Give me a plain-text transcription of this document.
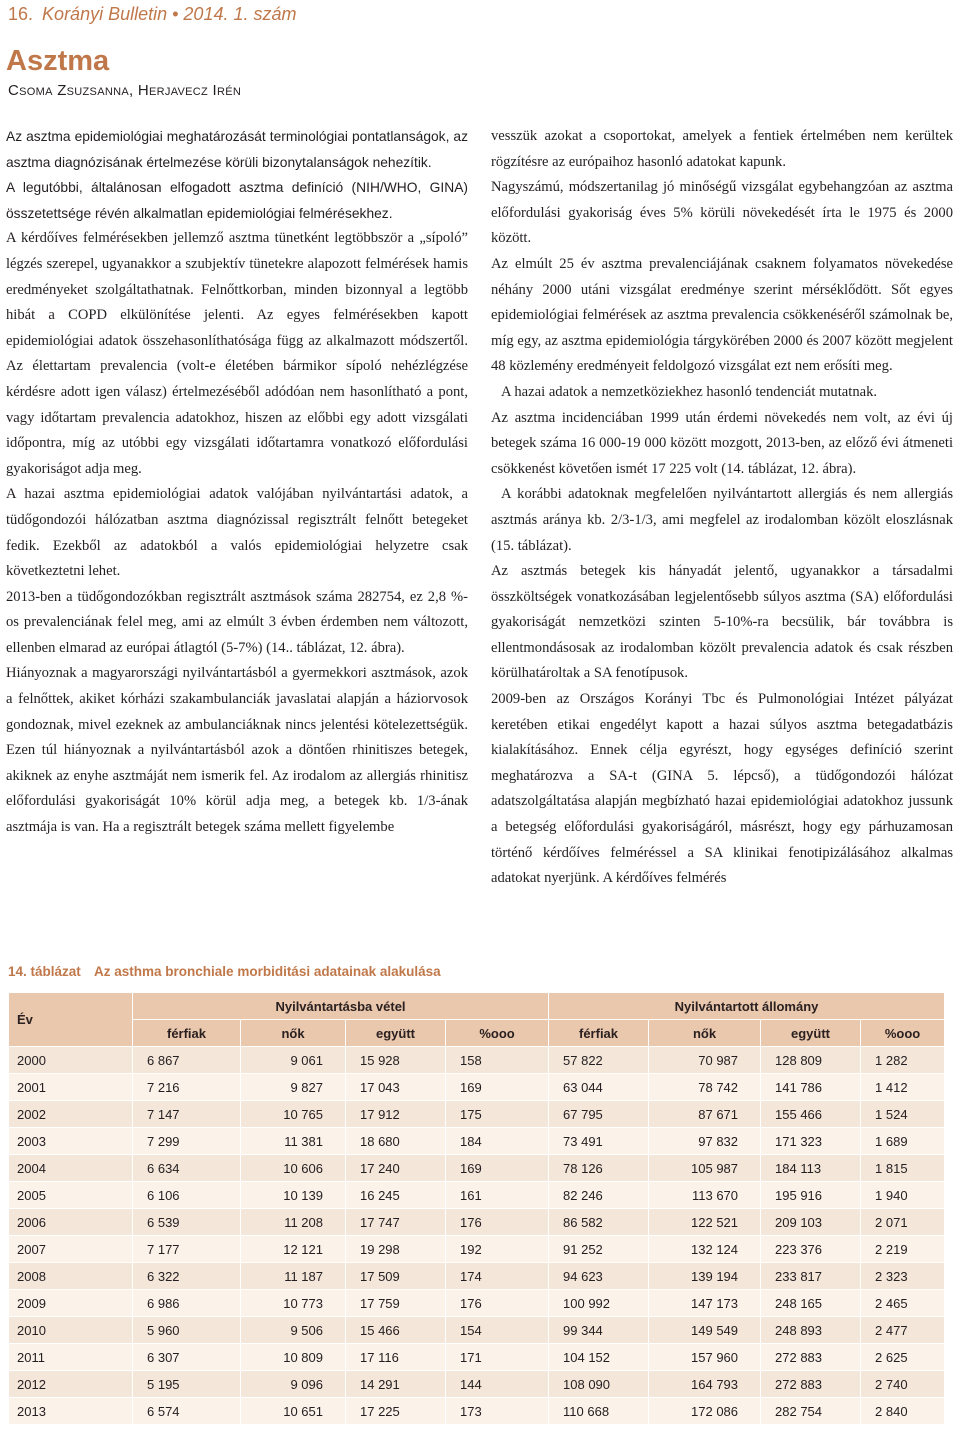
16. Korányi Bulletin • 2014. 1. szám
Asztma
Csoma Zsuzsanna, Herjavecz Irén

Az asztma epidemiológiai meghatározását terminológiai pontatlanságok, az asztma diagnózisának értelmezése körüli bizonytalanságok nehezítik.

A legutóbbi, általánosan elfogadott asztma definíció (NIH/WHO, GINA) összetettsége révén alkalmatlan epidemiológiai felmérésekhez.

A kérdőíves felmérésekben jellemző asztma tünetként legtöbbször a „sípoló” légzés szerepel, ugyanakkor a szubjektív tünetekre alapozott felmérések hamis eredményeket szolgáltathatnak. Felnőttkorban, minden bizonnyal a legtöbb hibát a COPD elkülönítése jelenti. Az egyes felmérésekben kapott epidemiológiai adatok összehasonlíthatósága függ az alkalmazott módszertől. Az élettartam prevalencia (volt-e életében bármikor sípoló nehézlégzése kérdésre adott igen válasz) értelmezéséből adódóan nem hasonlítható a pont, vagy időtartam prevalencia adatokhoz, hiszen az előbbi egy adott vizsgálati időpontra, míg az utóbbi egy vizsgálati időtartamra vonatkozó előfordulási gyakoriságot adja meg.

A hazai asztma epidemiológiai adatok valójában nyilvántartási adatok, a tüdőgondozói hálózatban asztma diagnózissal regisztrált felnőtt betegeket fedik. Ezekből az adatokból a valós epidemiológiai helyzetre csak következtetni lehet.

2013-ben a tüdőgondozókban regisztrált asztmások száma 282754, ez 2,8 %-os prevalenciának felel meg, ami az elmúlt 3 évben érdemben nem változott, ellenben elmarad az európai átlagtól (5-7%) (14.. táblázat, 12. ábra).

Hiányoznak a magyarországi nyilvántartásból a gyermekkori asztmások, azok a felnőttek, akiket kórházi szakambulanciák javaslatai alapján a háziorvosok gondoznak, mivel ezeknek az ambulanciáknak nincs jelentési kötelezettségük. Ezen túl hiányoznak a nyilvántartásból azok a döntően rhinitiszes betegek, akiknek az enyhe asztmáját nem ismerik fel. Az irodalom az allergiás rhinitisz előfordulási gyakoriságát 10% körül adja meg, a betegek kb. 1/3-ának asztmája is van. Ha a regisztrált betegek száma mellett figyelembe

vesszük azokat a csoportokat, amelyek a fentiek értelmében nem kerültek rögzítésre az európaihoz hasonló adatokat kapunk.

Nagyszámú, módszertanilag jó minőségű vizsgálat egybehangzóan az asztma előfordulási gyakoriság éves 5% körüli növekedését írta le 1975 és 2000 között.

Az elmúlt 25 év asztma prevalenciájának csaknem folyamatos növekedése néhány 2000 utáni vizsgálat eredménye szerint mérséklődött. Sőt egyes epidemiológiai felmérések az asztma prevalencia csökkenéséről számolnak be, míg egy, az asztma epidemiológia tárgykörében 2000 és 2007 között megjelent 48 közlemény eredményeit feldolgozó vizsgálat ezt nem erősíti meg.

A hazai adatok a nemzetköziekhez hasonló tendenciát mutatnak.

Az asztma incidenciában 1999 után érdemi növekedés nem volt, az évi új betegek száma 16 000-19 000 között mozgott, 2013-ben, az előző évi átmeneti csökkenést követően ismét 17 225 volt (14. táblázat, 12. ábra).

A korábbi adatoknak megfelelően nyilvántartott allergiás és nem allergiás asztmás aránya kb. 2/3-1/3, ami megfelel az irodalomban közölt eloszlásnak (15. táblázat).

Az asztmás betegek kis hányadát jelentő, ugyanakkor a társadalmi összköltségek vonatkozásában legjelentősebb súlyos asztma (SA) előfordulási gyakoriságát nemzetközi szinten 5-10%-ra becsülik, bár továbbra is ellentmondásosak az irodalomban közölt prevalencia adatok és csak részben körülhatároltak a SA fenotípusok.

2009-ben az Országos Korányi Tbc és Pulmonológiai Intézet pályázat keretében etikai engedélyt kapott a hazai súlyos asztma betegadatbázis kialakításához. Ennek célja egyrészt, hogy egységes definíció szerint meghatározva a SA-t (GINA 5. lépcső), a tüdőgondozói hálózat adatszolgáltatása alapján megbízható hazai epidemiológiai adatokhoz jussunk a betegség előfordulási gyakoriságáról, másrészt, hogy egy párhuzamosan történő kérdőíves felméréssel a SA klinikai fenotipizálásához alkalmas adatokat nyerjünk. A kérdőíves felmérés

14. táblázat Az asthma bronchiale morbiditási adatainak alakulása
Év	Nyilvántartásba vétel				Nyilvántartott állomány			
	férfiak	nők	együtt	%ooo	férfiak	nők	együtt	%ooo
2000	6 867	9 061	15 928	158	57 822	70 987	128 809	1 282
2001	7 216	9 827	17 043	169	63 044	78 742	141 786	1 412
2002	7 147	10 765	17 912	175	67 795	87 671	155 466	1 524
2003	7 299	11 381	18 680	184	73 491	97 832	171 323	1 689
2004	6 634	10 606	17 240	169	78 126	105 987	184 113	1 815
2005	6 106	10 139	16 245	161	82 246	113 670	195 916	1 940
2006	6 539	11 208	17 747	176	86 582	122 521	209 103	2 071
2007	7 177	12 121	19 298	192	91 252	132 124	223 376	2 219
2008	6 322	11 187	17 509	174	94 623	139 194	233 817	2 323
2009	6 986	10 773	17 759	176	100 992	147 173	248 165	2 465
2010	5 960	9 506	15 466	154	99 344	149 549	248 893	2 477
2011	6 307	10 809	17 116	171	104 152	157 960	272 883	2 625
2012	5 195	9 096	14 291	144	108 090	164 793	272 883	2 740
2013	6 574	10 651	17 225	173	110 668	172 086	282 754	2 840
